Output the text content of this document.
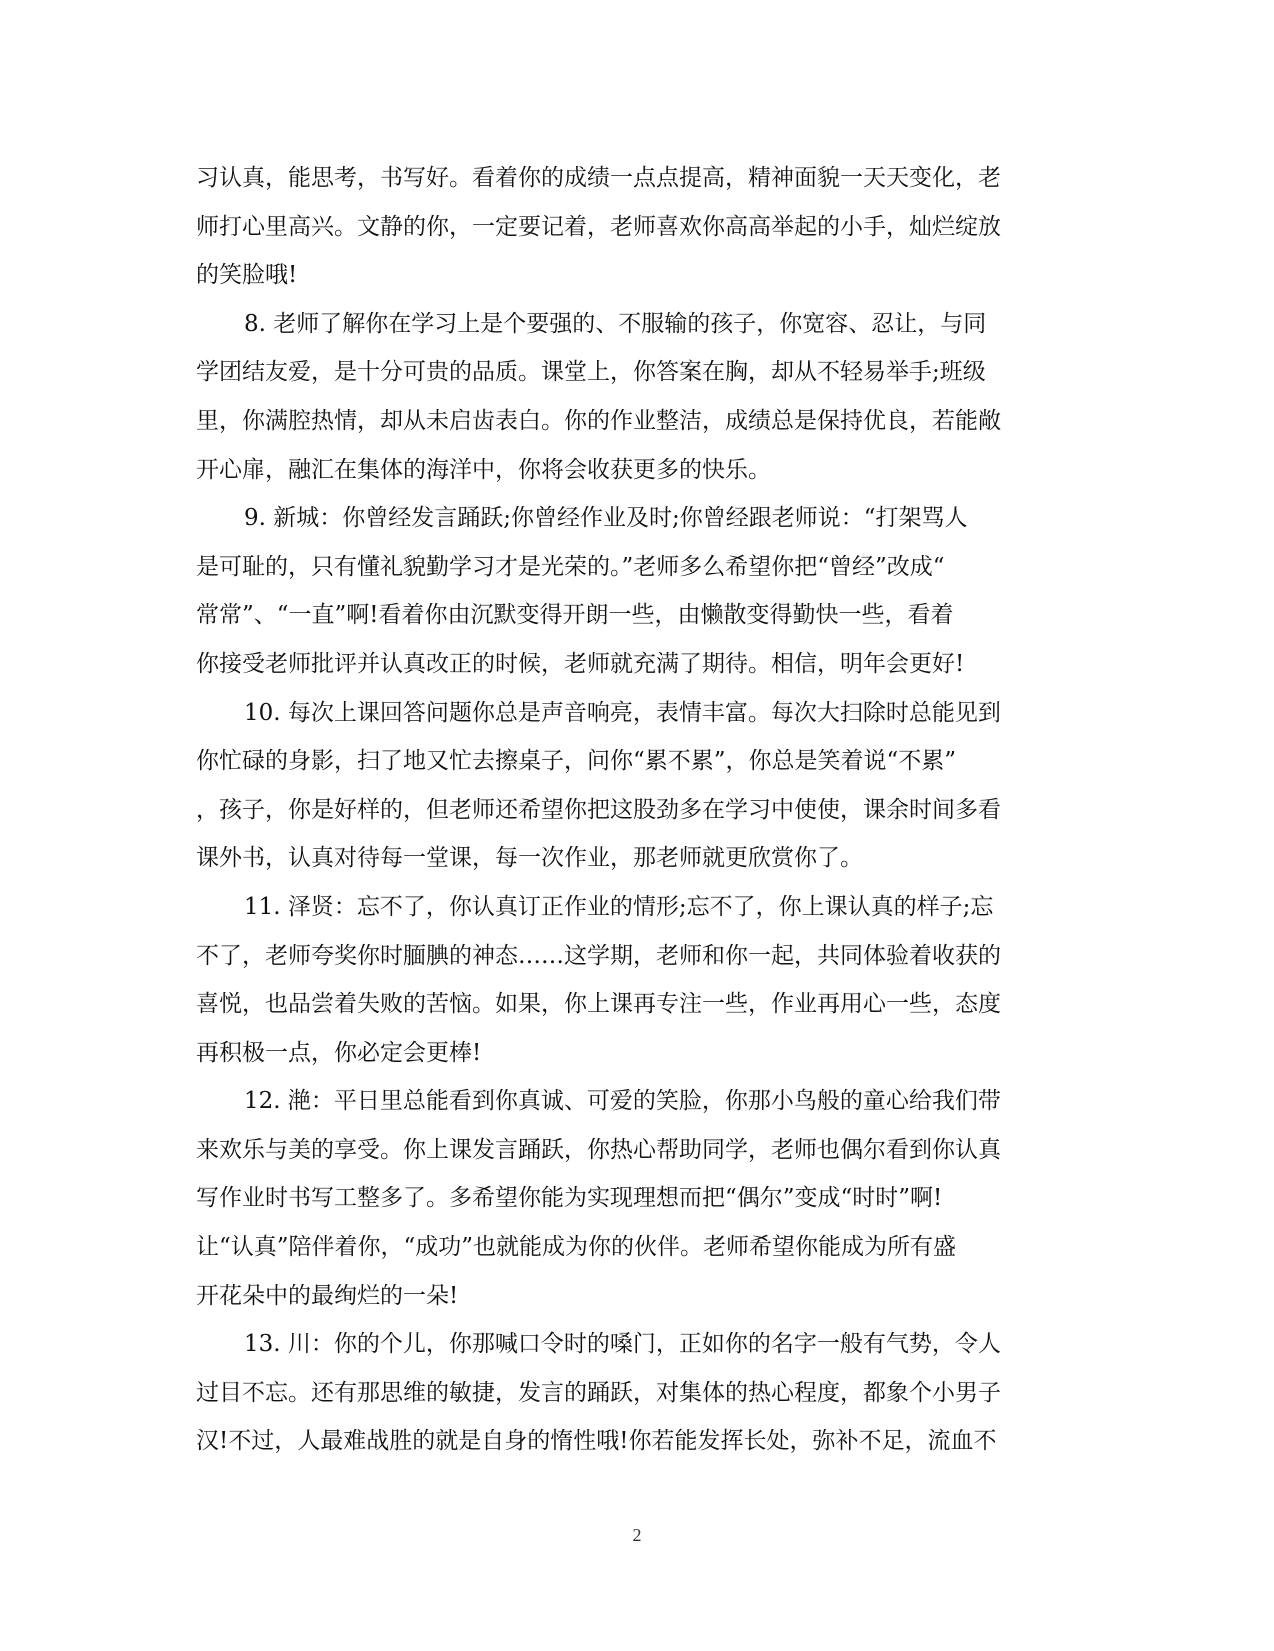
习认真，能思考，书写好。看着你的成绩一点点提高，精神面貌一天天变化，老
师打心里高兴。文静的你，一定要记着，老师喜欢你高高举起的小手，灿烂绽放
的笑脸哦!
8. 老师了解你在学习上是个要强的、不服输的孩子，你宽容、忍让，与同
学团结友爱，是十分可贵的品质。课堂上，你答案在胸，却从不轻易举手;班级
里，你满腔热情，却从未启齿表白。你的作业整洁，成绩总是保持优良，若能敞
开心扉，融汇在集体的海洋中，你将会收获更多的快乐。
9. 新城：你曾经发言踊跃;你曾经作业及时;你曾经跟老师说：“打架骂人
是可耻的，只有懂礼貌勤学习才是光荣的。”老师多么希望你把“曾经”改成“
常常”、“一直”啊!看着你由沉默变得开朗一些，由懒散变得勤快一些，看着
你接受老师批评并认真改正的时候，老师就充满了期待。相信，明年会更好!
10. 每次上课回答问题你总是声音响亮，表情丰富。每次大扫除时总能见到
你忙碌的身影，扫了地又忙去擦桌子，问你“累不累”，你总是笑着说“不累”
，孩子，你是好样的，但老师还希望你把这股劲多在学习中使使，课余时间多看
课外书，认真对待每一堂课，每一次作业，那老师就更欣赏你了。
11. 泽贤：忘不了，你认真订正作业的情形;忘不了，你上课认真的样子;忘
不了，老师夸奖你时腼腆的神态……这学期，老师和你一起，共同体验着收获的
喜悦，也品尝着失败的苦恼。如果，你上课再专注一些，作业再用心一些，态度
再积极一点，你必定会更棒!
12. 滟：平日里总能看到你真诚、可爱的笑脸，你那小鸟般的童心给我们带
来欢乐与美的享受。你上课发言踊跃，你热心帮助同学，老师也偶尔看到你认真
写作业时书写工整多了。多希望你能为实现理想而把“偶尔”变成“时时”啊!
让“认真”陪伴着你，“成功”也就能成为你的伙伴。老师希望你能成为所有盛
开花朵中的最绚烂的一朵!
13. 川：你的个儿，你那喊口令时的嗓门，正如你的名字一般有气势，令人
过目不忘。还有那思维的敏捷，发言的踊跃，对集体的热心程度，都象个小男子
汉!不过，人最难战胜的就是自身的惰性哦!你若能发挥长处，弥补不足，流血不
2
